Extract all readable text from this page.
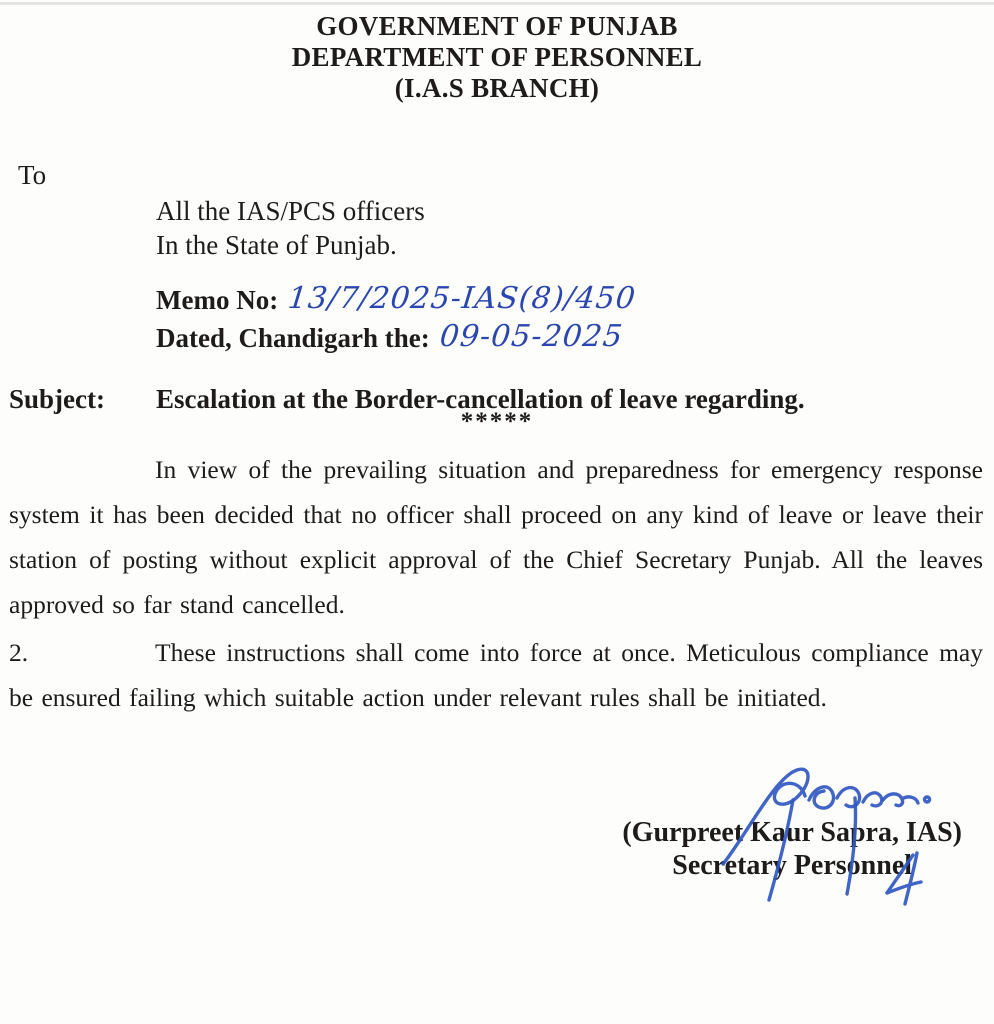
GOVERNMENT OF PUNJAB
DEPARTMENT OF PERSONNEL
(I.A.S BRANCH)
To
All the IAS/PCS officers
In the State of Punjab.
Memo No: 13/7/2025-IAS(8)/450
Dated, Chandigarh the: 09-05-2025
Subject:	Escalation at the Border-cancellation of leave regarding.
*****

In view of the prevailing situation and preparedness for emergency response system it has been decided that no officer shall proceed on any kind of leave or leave their station of posting without explicit approval of the Chief Secretary Punjab. All the leaves approved so far stand cancelled.

2.	These instructions shall come into force at once. Meticulous compliance may be ensured failing which suitable action under relevant rules shall be initiated.

(Gurpreet Kaur Sapra, IAS)
Secretary Personnel
